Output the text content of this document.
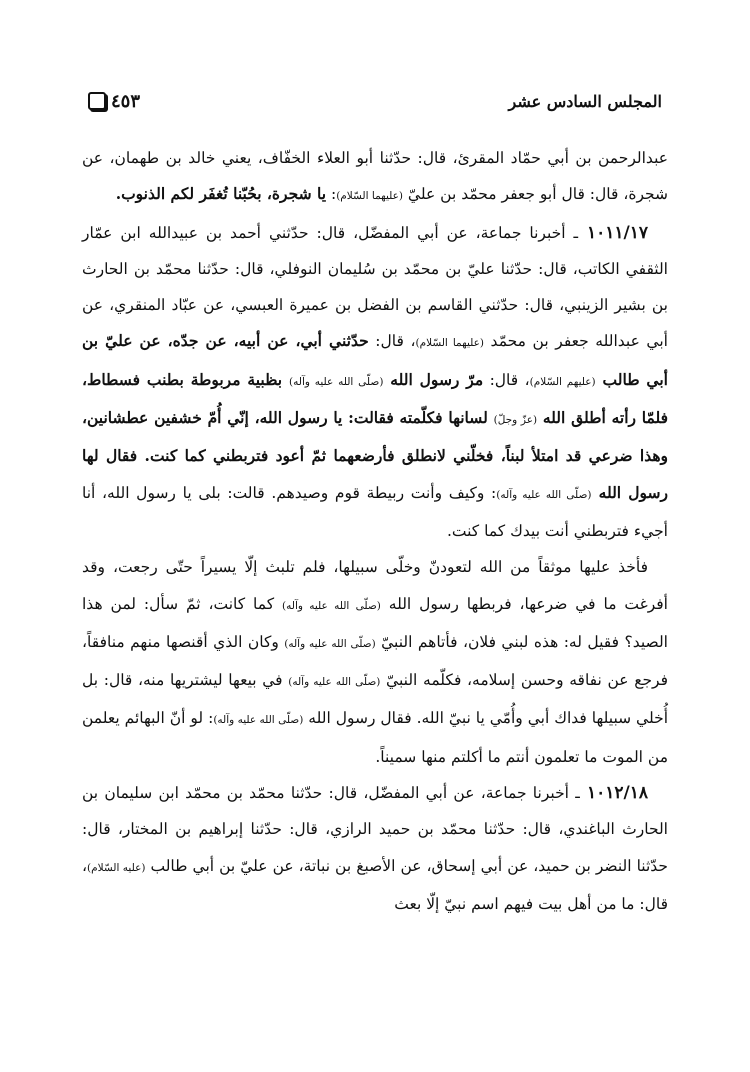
المجلس السادس عشر
٤٥٣

عبدالرحمن بن أبي حمّاد المقرئ، قال: حدّثنا أبو العلاء الخفّاف، يعني خالد بن طهمان، عن شجرة، قال: قال أبو جعفر محمّد بن عليّ (عليهما السّلام): يا شجرة، بحُبّنا تُغفَر لكم الذنوب.

١٠١١/١٧ ـ أخبرنا جماعة، عن أبي المفضّل، قال: حدّثني أحمد بن عبيدالله ابن عمّار الثقفي الكاتب، قال: حدّثنا عليّ بن محمّد بن سُليمان النوفلي، قال: حدّثنا محمّد بن الحارث بن بشير الزينبي، قال: حدّثني القاسم بن الفضل بن عميرة العبسي، عن عبّاد المنقري، عن أبي عبدالله جعفر بن محمّد (عليهما السّلام)، قال: حدّثني أبي، عن أبيه، عن جدّه، عن عليّ بن أبي طالب (عليهم السّلام)، قال: مرّ رسول الله (صلّى الله عليه وآله) بظبية مربوطة بطنب فسطاط، فلمّا رأته أطلق الله (عزّ وجلّ) لسانها فكلّمته فقالت: يا رسول الله، إنّي أُمّ خشفين عطشانين، وهذا ضرعي قد امتلأ لبناً، فخلّني لانطلق فأرضعهما ثمّ أعود فتربطني كما كنت. فقال لها رسول الله (صلّى الله عليه وآله): وكيف وأنت ربيطة قوم وصيدهم. قالت: بلى يا رسول الله، أنا أجيء فتربطني أنت بيدك كما كنت.

فأخذ عليها موثقاً من الله لتعودنّ وخلّى سبيلها، فلم تلبث إلّا يسيراً حتّى رجعت، وقد أفرغت ما في ضرعها، فربطها رسول الله (صلّى الله عليه وآله) كما كانت، ثمّ سأل: لمن هذا الصيد؟ فقيل له: هذه لبني فلان، فأتاهم النبيّ (صلّى الله عليه وآله) وكان الذي أقنصها منهم منافقاً، فرجع عن نفاقه وحسن إسلامه، فكلّمه النبيّ (صلّى الله عليه وآله) في بيعها ليشتريها منه، قال: بل أُخلي سبيلها فداك أبي وأُمّي يا نبيّ الله. فقال رسول الله (صلّى الله عليه وآله): لو أنّ البهائم يعلمن من الموت ما تعلمون أنتم ما أكلتم منها سميناً.

١٠١٢/١٨ ـ أخبرنا جماعة، عن أبي المفضّل، قال: حدّثنا محمّد بن محمّد ابن سليمان بن الحارث الباغندي، قال: حدّثنا محمّد بن حميد الرازي، قال: حدّثنا إبراهيم بن المختار، قال: حدّثنا النضر بن حميد، عن أبي إسحاق، عن الأصبغ بن نباتة، عن عليّ بن أبي طالب (عليه السّلام)، قال: ما من أهل بيت فيهم اسم نبيّ إلّا بعث
